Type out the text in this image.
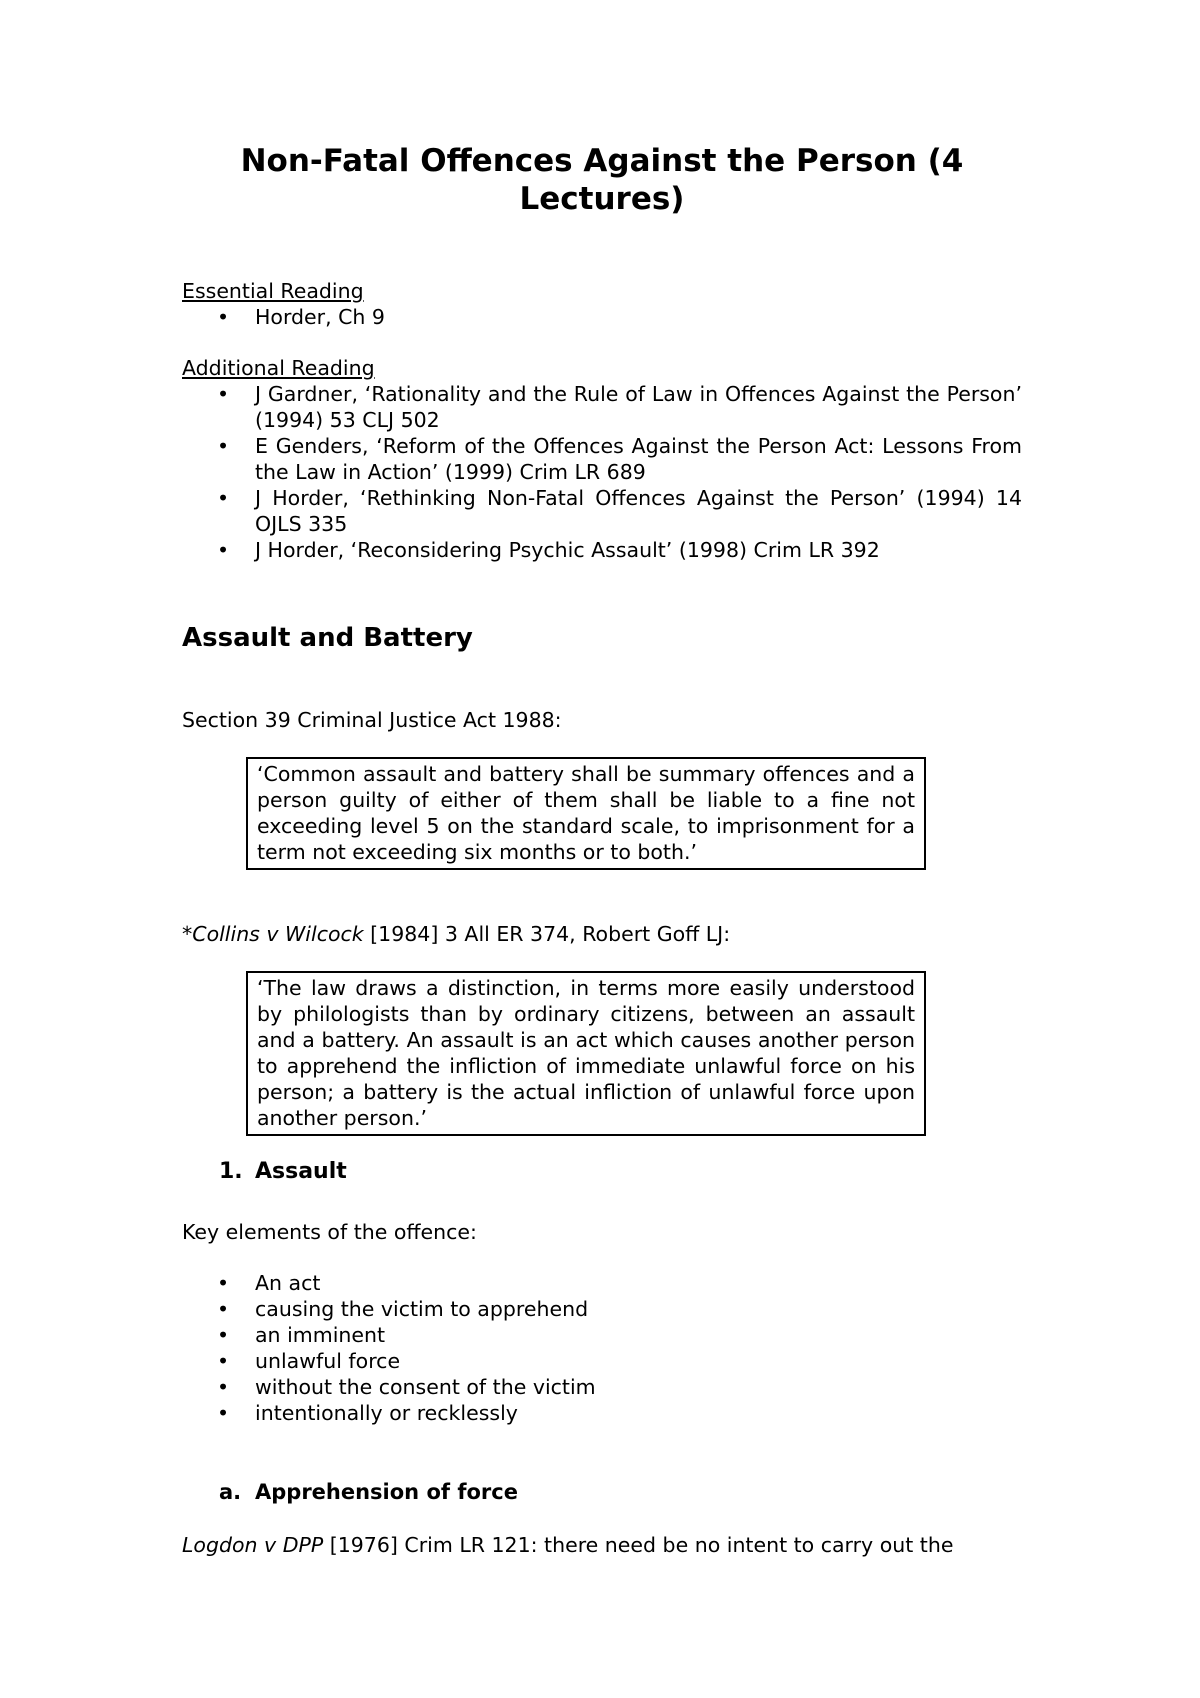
Non-Fatal Offences Against the Person (4 Lectures)

Essential Reading

• Horder, Ch 9

Additional Reading

• J Gardner, ‘Rationality and the Rule of Law in Offences Against the Person’ (1994) 53 CLJ 502
• E Genders, ‘Reform of the Offences Against the Person Act: Lessons From the Law in Action’ (1999) Crim LR 689
• J Horder, ‘Rethinking Non-Fatal Offences Against the Person’ (1994) 14 OJLS 335
• J Horder, ‘Reconsidering Psychic Assault’ (1998) Crim LR 392
Assault and Battery

Section 39 Criminal Justice Act 1988:

‘Common assault and battery shall be summary offences and a person guilty of either of them shall be liable to a fine not exceeding level 5 on the standard scale, to imprisonment for a term not exceeding six months or to both.’

*Collins v Wilcock [1984] 3 All ER 374, Robert Goff LJ:

‘The law draws a distinction, in terms more easily understood by philologists than by ordinary citizens, between an assault and a battery. An assault is an act which causes another person to apprehend the infliction of immediate unlawful force on his person; a battery is the actual infliction of unlawful force upon another person.’
1. Assault

Key elements of the offence:

• An act
• causing the victim to apprehend
• an imminent
• unlawful force
• without the consent of the victim
• intentionally or recklessly
a. Apprehension of force

Logdon v DPP [1976] Crim LR 121: there need be no intent to carry out the
